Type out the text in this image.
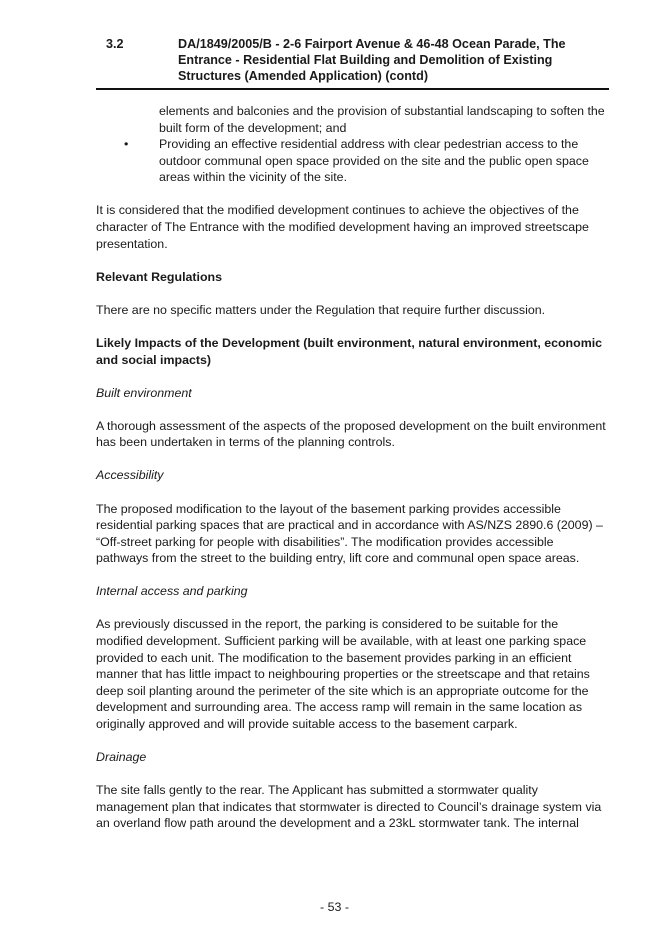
3.2	DA/1849/2005/B - 2-6 Fairport Avenue & 46-48 Ocean Parade, The Entrance - Residential Flat Building and Demolition of Existing Structures (Amended Application) (contd)

elements and balconies and the provision of substantial landscaping to soften the built form of the development; and

• Providing an effective residential address with clear pedestrian access to the outdoor communal open space provided on the site and the public open space areas within the vicinity of the site.

It is considered that the modified development continues to achieve the objectives of the character of The Entrance with the modified development having an improved streetscape presentation.

Relevant Regulations

There are no specific matters under the Regulation that require further discussion.

Likely Impacts of the Development (built environment, natural environment, economic and social impacts)

Built environment

A thorough assessment of the aspects of the proposed development on the built environment has been undertaken in terms of the planning controls.

Accessibility

The proposed modification to the layout of the basement parking provides accessible residential parking spaces that are practical and in accordance with AS/NZS 2890.6 (2009) – “Off-street parking for people with disabilities”. The modification provides accessible pathways from the street to the building entry, lift core and communal open space areas.

Internal access and parking

As previously discussed in the report, the parking is considered to be suitable for the modified development. Sufficient parking will be available, with at least one parking space provided to each unit. The modification to the basement provides parking in an efficient manner that has little impact to neighbouring properties or the streetscape and that retains deep soil planting around the perimeter of the site which is an appropriate outcome for the development and surrounding area. The access ramp will remain in the same location as originally approved and will provide suitable access to the basement carpark.

Drainage

The site falls gently to the rear. The Applicant has submitted a stormwater quality management plan that indicates that stormwater is directed to Council’s drainage system via an overland flow path around the development and a 23kL stormwater tank. The internal

- 53 -
